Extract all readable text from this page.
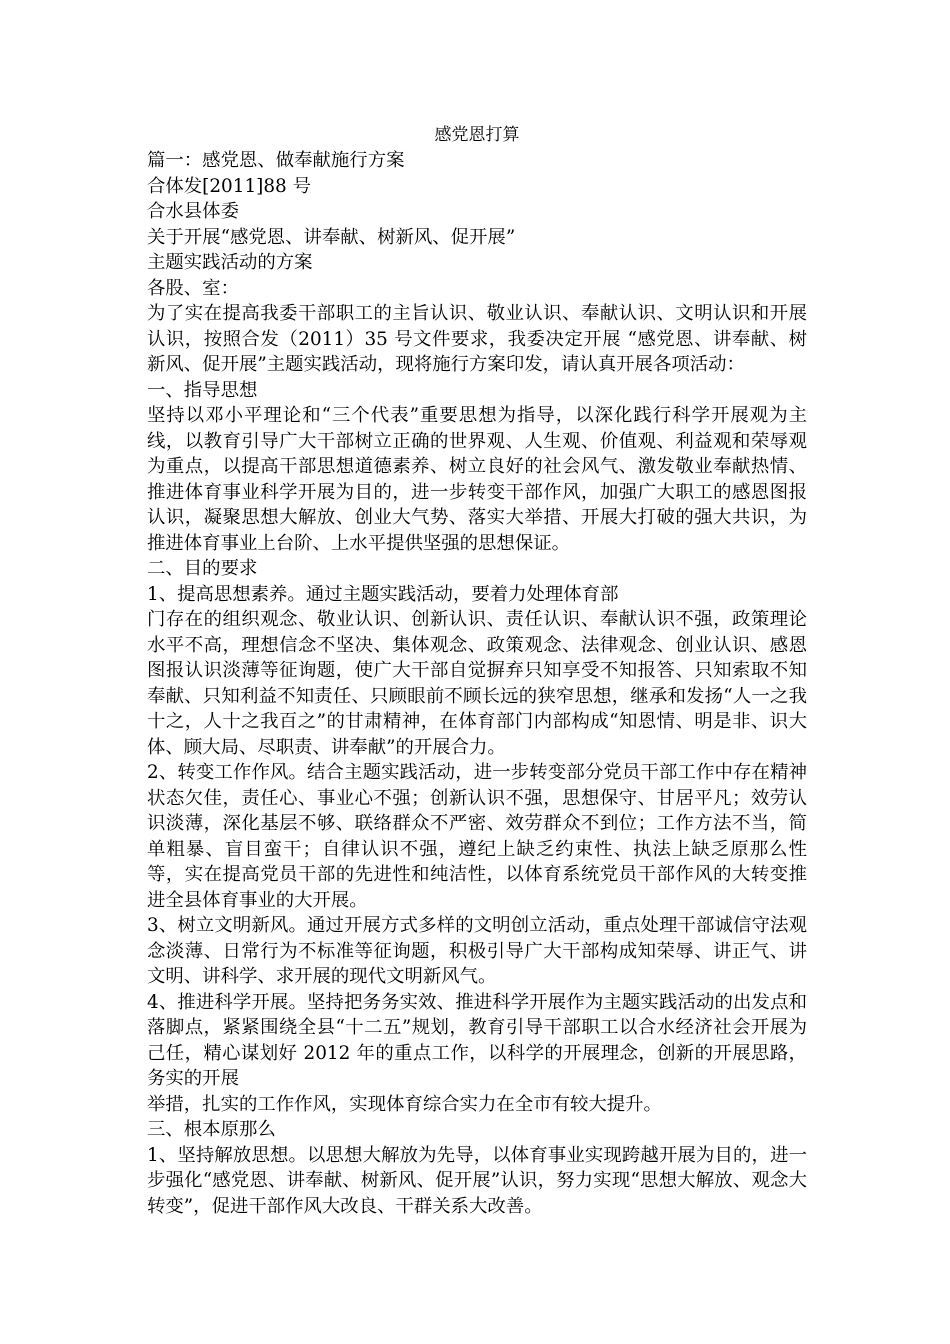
感党恩打算

篇一：感党恩、做奉献施行方案

合体发[2011]88 号

合水县体委

关于开展“感党恩、讲奉献、树新风、促开展”

主题实践活动的方案

各股、室：

为了实在提高我委干部职工的主旨认识、敬业认识、奉献认识、文明认识和开展认识，按照合发（2011）35 号文件要求，我委决定开展 “感党恩、讲奉献、树新风、促开展”主题实践活动，现将施行方案印发，请认真开展各项活动：

一、指导思想

坚持以邓小平理论和“三个代表”重要思想为指导，以深化践行科学开展观为主线，以教育引导广大干部树立正确的世界观、人生观、价值观、利益观和荣辱观为重点，以提高干部思想道德素养、树立良好的社会风气、激发敬业奉献热情、推进体育事业科学开展为目的，进一步转变干部作风，加强广大职工的感恩图报认识，凝聚思想大解放、创业大气势、落实大举措、开展大打破的强大共识，为推进体育事业上台阶、上水平提供坚强的思想保证。

二、目的要求

1、提高思想素养。通过主题实践活动，要着力处理体育部

门存在的组织观念、敬业认识、创新认识、责任认识、奉献认识不强，政策理论水平不高，理想信念不坚决、集体观念、政策观念、法律观念、创业认识、感恩图报认识淡薄等征询题，使广大干部自觉摒弃只知享受不知报答、只知索取不知奉献、只知利益不知责任、只顾眼前不顾长远的狭窄思想，继承和发扬“人一之我十之，人十之我百之”的甘肃精神，在体育部门内部构成“知恩情、明是非、识大体、顾大局、尽职责、讲奉献”的开展合力。

2、转变工作作风。结合主题实践活动，进一步转变部分党员干部工作中存在精神状态欠佳，责任心、事业心不强；创新认识不强，思想保守、甘居平凡；效劳认识淡薄，深化基层不够、联络群众不严密、效劳群众不到位；工作方法不当，简单粗暴、盲目蛮干；自律认识不强，遵纪上缺乏约束性、执法上缺乏原那么性等，实在提高党员干部的先进性和纯洁性，以体育系统党员干部作风的大转变推进全县体育事业的大开展。

3、树立文明新风。通过开展方式多样的文明创立活动，重点处理干部诚信守法观念淡薄、日常行为不标准等征询题，积极引导广大干部构成知荣辱、讲正气、讲文明、讲科学、求开展的现代文明新风气。

4、推进科学开展。坚持把务务实效、推进科学开展作为主题实践活动的出发点和落脚点，紧紧围绕全县“十二五”规划，教育引导干部职工以合水经济社会开展为己任，精心谋划好 2012 年的重点工作，以科学的开展理念，创新的开展思路，务实的开展

举措，扎实的工作作风，实现体育综合实力在全市有较大提升。

三、根本原那么

1、坚持解放思想。以思想大解放为先导，以体育事业实现跨越开展为目的，进一步强化“感党恩、讲奉献、树新风、促开展”认识，努力实现“思想大解放、观念大转变”，促进干部作风大改良、干群关系大改善。
